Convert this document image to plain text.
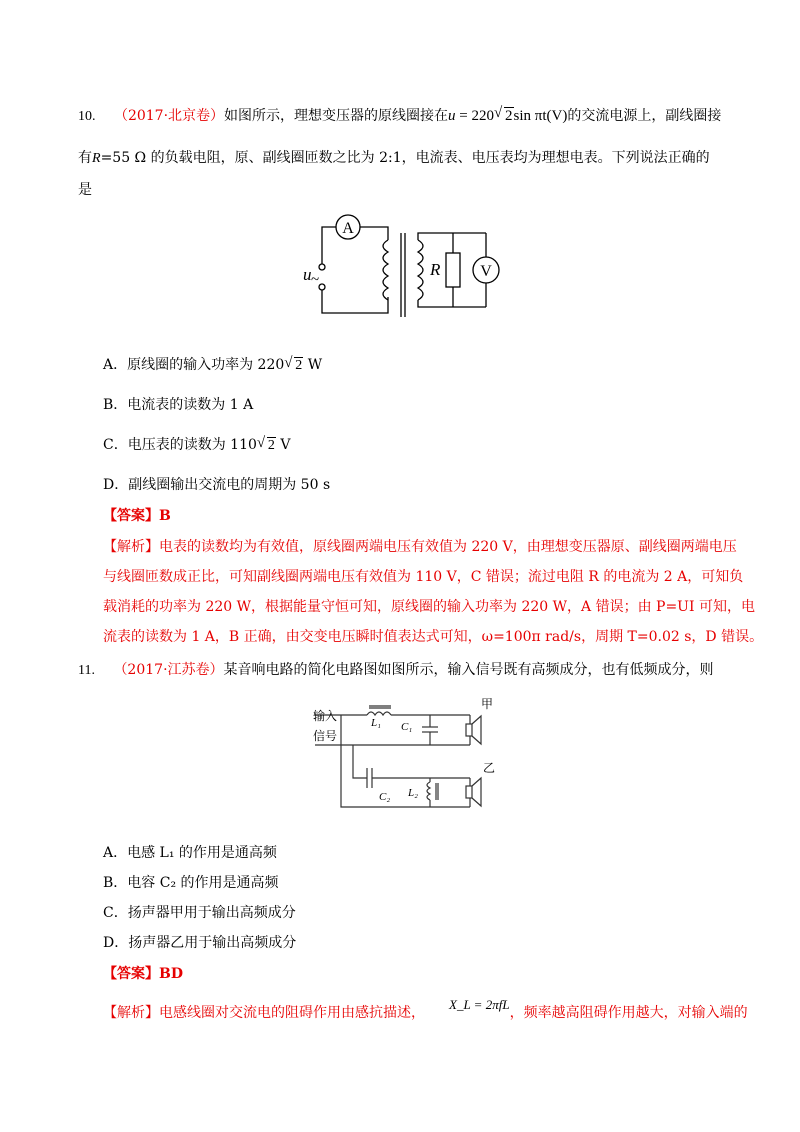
10. （2017·北京卷）如图所示，理想变压器的原线圈接在u = 220 √ 2sin πt(V)的交流电源上，副线圈接
有R=55 Ω 的负载电阻，原、副线圈匝数之比为 2:1，电流表、电压表均为理想电表。下列说法正确的
是
A
V
R
u ~
A．原线圈的输入功率为 220 √ 2 W
B．电流表的读数为 1 A
C．电压表的读数为 110 √ 2 V
D．副线圈输出交流电的周期为 50 s
【答案】B
【解析】电表的读数均为有效值，原线圈两端电压有效值为 220 V，由理想变压器原、副线圈两端电压
与线圈匝数成正比，可知副线圈两端电压有效值为 110 V，C 错误；流过电阻 R 的电流为 2 A，可知负
载消耗的功率为 220 W，根据能量守恒可知，原线圈的输入功率为 220 W，A 错误；由 P=UI 可知，电
流表的读数为 1 A，B 正确，由交变电压瞬时值表达式可知，ω=100π rad/s，周期 T=0.02 s，D 错误。
11. （2017·江苏卷）某音响电路的简化电路图如图所示，输入信号既有高频成分，也有低频成分，则
输入
信号
L₁ C₁
甲
乙
C₂ L₂
A．电感 L₁ 的作用是通高频
B．电容 C₂ 的作用是通高频
C．扬声器甲用于输出高频成分
D．扬声器乙用于输出高频成分
【答案】BD
【解析】电感线圈对交流电的阻碍作用由感抗描述，X_L = 2πfL，频率越高阻碍作用越大，对输入端的
